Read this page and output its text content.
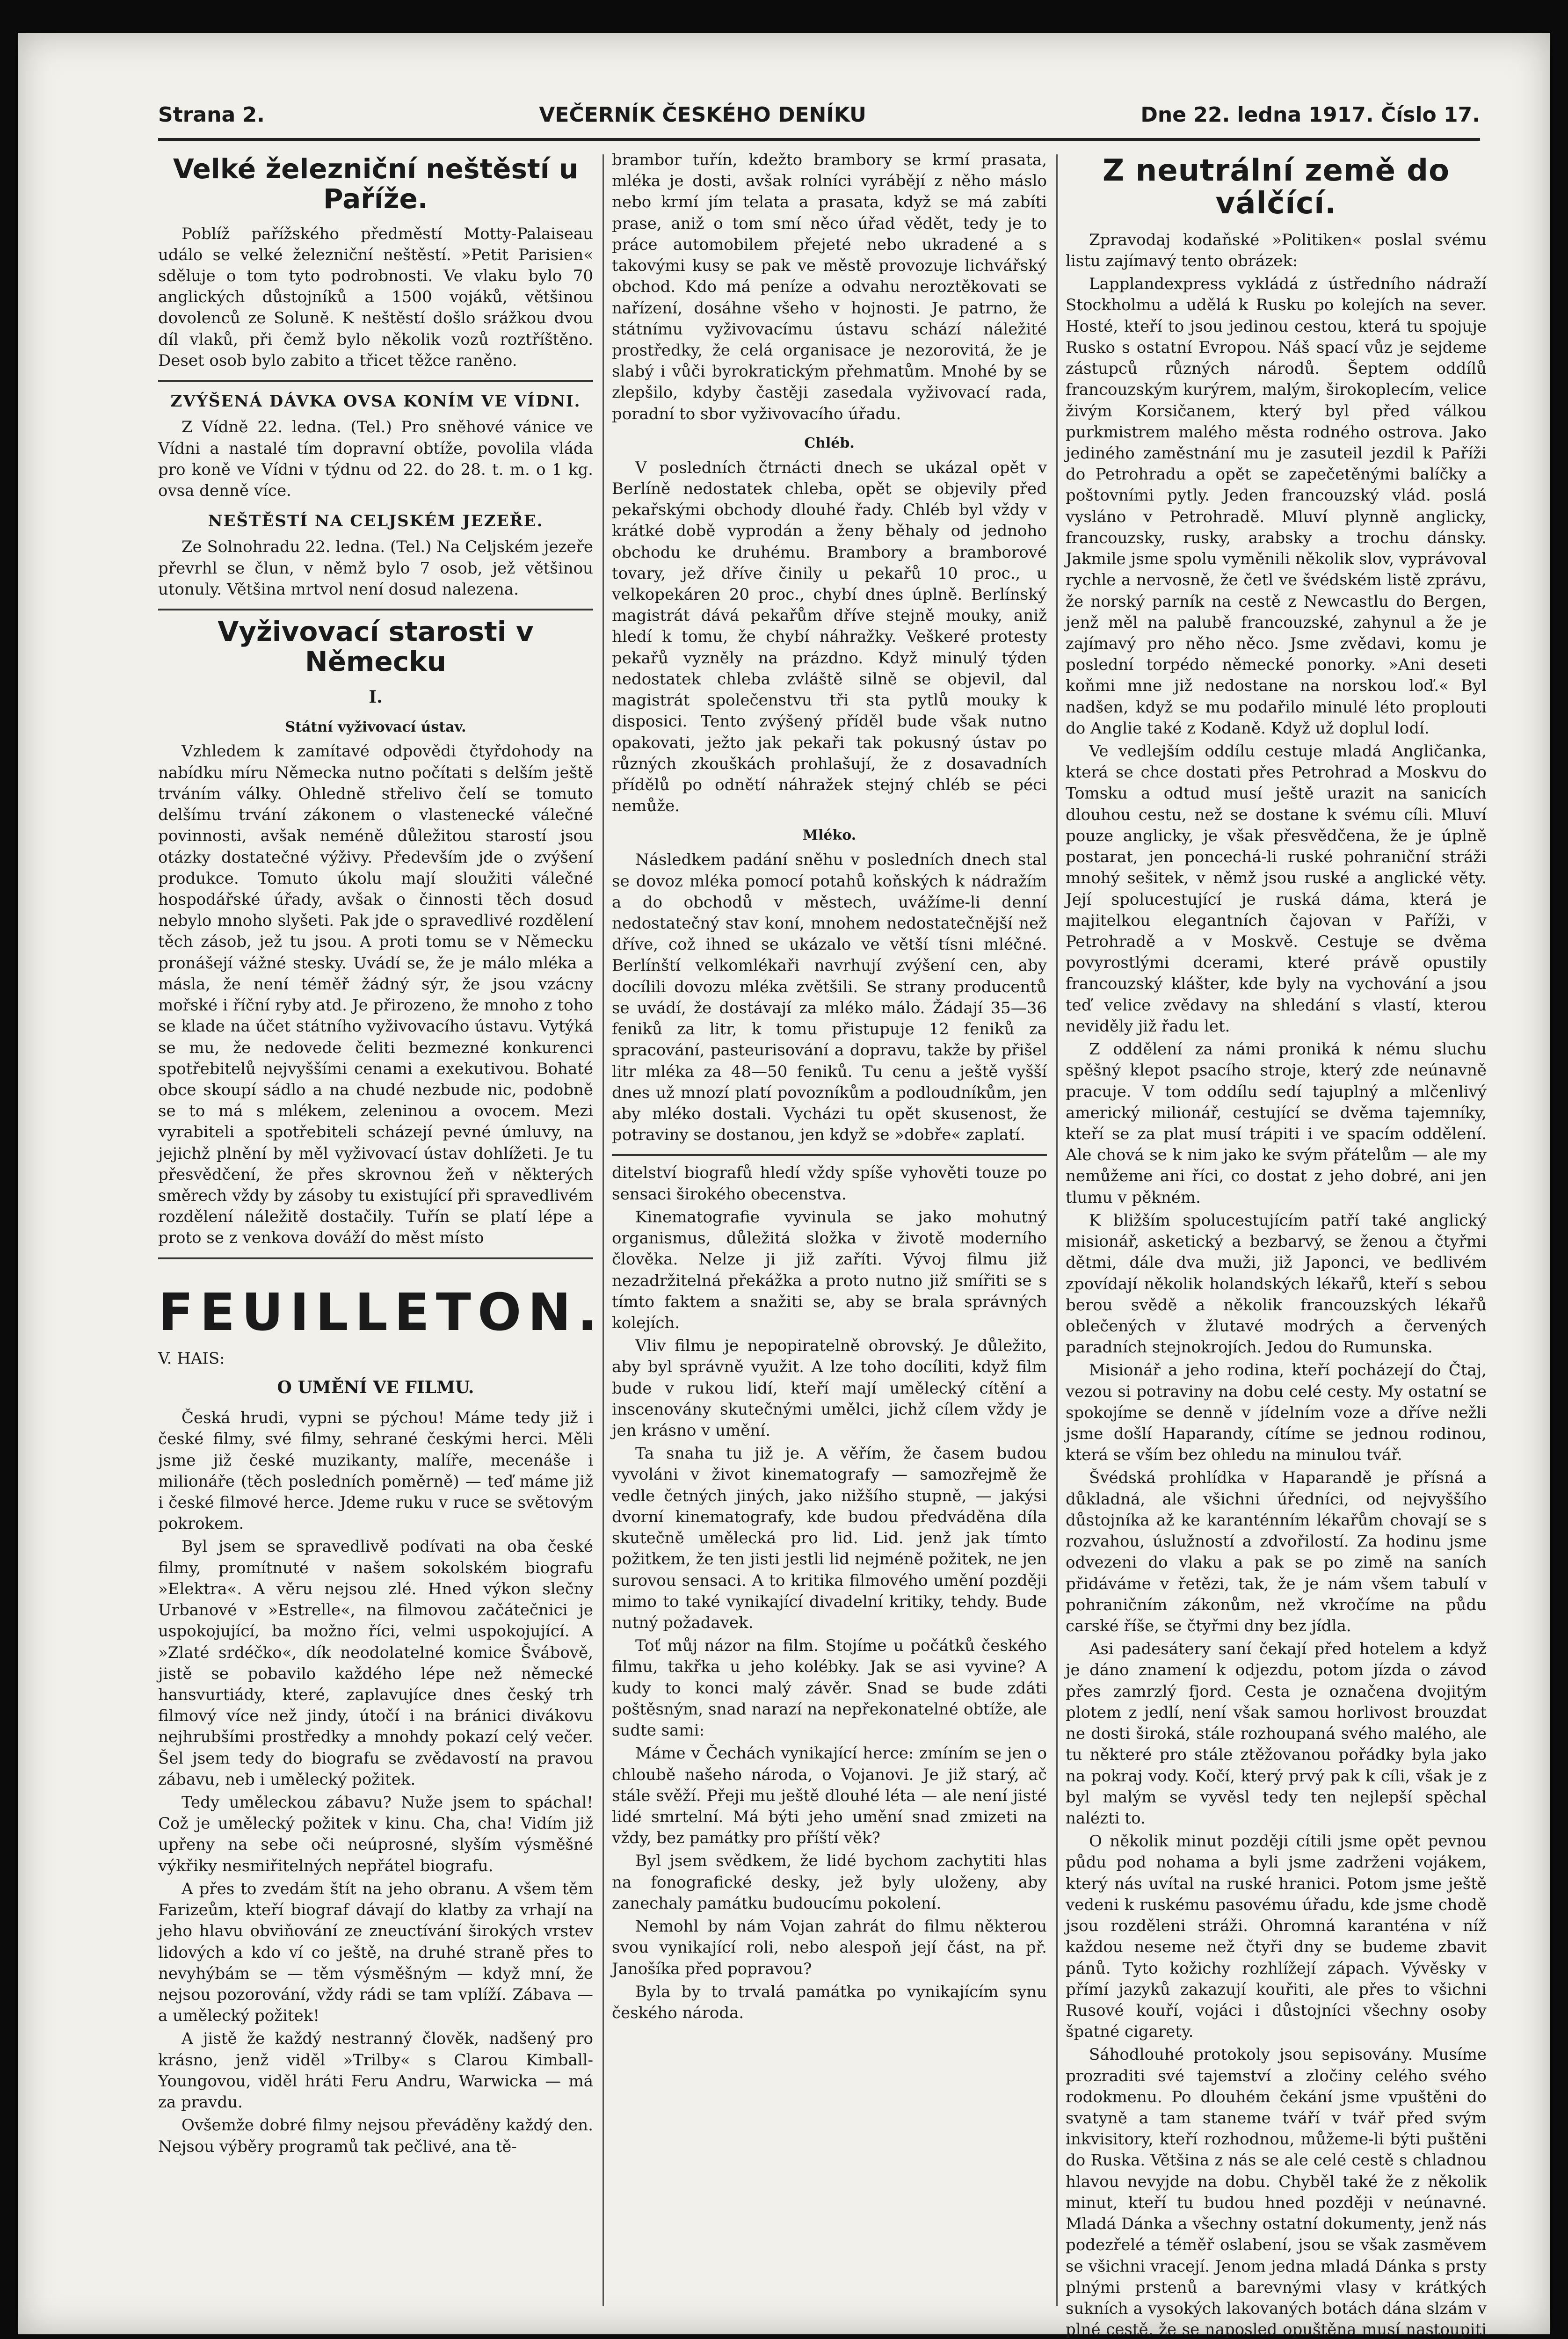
Strana 2.	VEČERNÍK ČESKÉHO DENÍKU	Dne 22. ledna 1917. Číslo 17.
Velké železniční neštěstí u Paříže.
Poblíž pařížského předměstí Motty-Palaiseau událo se velké železniční neštěstí. »Petit Parisien« sděluje o tom tyto podrobnosti. Ve vlaku bylo 70 anglických důstojníků a 1500 vojáků, většinou dovolenců ze Soluně. K neštěstí došlo srážkou dvou díl vlaků, při čemž bylo několik vozů roztříštěno. Deset osob bylo zabito a třicet těžce raněno.
ZVÝŠENÁ DÁVKA OVSA KONÍM VE VÍDNI.
Z Vídně 22. ledna. (Tel.) Pro sněhové vánice ve Vídni a nastalé tím dopravní obtíže, povolila vláda pro koně ve Vídni v týdnu od 22. do 28. t. m. o 1 kg. ovsa denně více.
NEŠTĚSTÍ NA CELJSKÉM JEZEŘE.
Ze Solnohradu 22. ledna. (Tel.) Na Celjském jezeře převrhl se člun, v němž bylo 7 osob, jež většinou utonuly. Většina mrtvol není dosud nalezena.
Vyživovací starosti v Německu
I.
Státní vyživovací ústav.
Vzhledem k zamítavé odpovědi čtyřdohody na nabídku míru Německa nutno počítati s delším ještě trváním války. Ohledně střelivo čelí se tomuto delšímu trvání zákonem o vlastenecké válečné povinnosti, avšak neméně důležitou starostí jsou otázky dostatečné výživy. Především jde o zvýšení produkce. Tomuto úkolu mají sloužiti válečné hospodářské úřady, avšak o činnosti těch dosud nebylo mnoho slyšeti. Pak jde o spravedlivé rozdělení těch zásob, jež tu jsou. A proti tomu se v Německu pronášejí vážné stesky. Uvádí se, že je málo mléka a másla, že není téměř žádný sýr, že jsou vzácny mořské i říční ryby atd. Je přirozeno, že mnoho z toho se klade na účet státního vyživovacího ústavu. Vytýká se mu, že nedovede čeliti bezmezné konkurenci spotřebitelů nejvyššími cenami a exekutivou. Bohaté obce skoupí sádlo a na chudé nezbude nic, podobně se to má s mlékem, zeleninou a ovocem. Mezi vyrabiteli a spotřebiteli scházejí pevné úmluvy, na jejichž plnění by měl vyživovací ústav dohlížeti. Je tu přesvědčení, že přes skrovnou žeň v některých směrech vždy by zásoby tu existující při spravedlivém rozdělení náležitě dostačily. Tuřín se platí lépe a proto se z venkova dováží do měst místo
FEUILLETON.
V. HAIS:
O UMĚNÍ VE FILMU.
Česká hrudi, vypni se pýchou! Máme tedy již i české filmy, své filmy, sehrané českými herci. Měli jsme již české muzikanty, malíře, mecenáše i milionáře (těch posledních poměrně) — teď máme již i české filmové herce. Jdeme ruku v ruce se světovým pokrokem.
Byl jsem se spravedlivě podívati na oba české filmy, promítnuté v našem sokolském biografu »Elektra«. A věru nejsou zlé. Hned výkon slečny Urbanové v »Estrelle«, na filmovou začátečnici je uspokojující, ba možno říci, velmi uspokojující. A »Zlaté srdéčko«, dík neodolatelné komice Švábově, jistě se pobavilo každého lépe než německé hansvurtiády, které, zaplavujíce dnes český trh filmový více než jindy, útočí i na bránici divákovu nejhrubšími prostředky a mnohdy pokazí celý večer. Šel jsem tedy do biografu se zvědavostí na pravou zábavu, neb i umělecký požitek.
Tedy uměleckou zábavu? Nuže jsem to spáchal! Což je umělecký požitek v kinu. Cha, cha! Vidím již upřeny na sebe oči neúprosné, slyším výsměšné výkřiky nesmiřitelných nepřátel biografu.
A přes to zvedám štít na jeho obranu. A všem těm Farizeům, kteří biograf dávají do klatby za vrhají na jeho hlavu obviňování ze zneuctívání širokých vrstev lidových a kdo ví co ještě, na druhé straně přes to nevyhýbám se — těm výsměšným — když mní, že nejsou pozorování, vždy rádi se tam vplíží. Zábava — a umělecký požitek!
A jistě že každý nestranný člověk, nadšený pro krásno, jenž viděl »Trilby« s Clarou Kimball-Youngovou, viděl hráti Feru Andru, Warwicka — má za pravdu.
Ovšemže dobré filmy nejsou převáděny každý den. Nejsou výběry programů tak pečlivé, ana tě-
brambor tuřín, kdežto brambory se krmí prasata, mléka je dosti, avšak rolníci vyrábějí z něho máslo nebo krmí jím telata a prasata, když se má zabíti prase, aniž o tom smí něco úřad vědět, tedy je to práce automobilem přejeté nebo ukradené a s takovými kusy se pak ve městě provozuje lichvářský obchod. Kdo má peníze a odvahu neroztěkovati se nařízení, dosáhne všeho v hojnosti. Je patrno, že státnímu vyživovacímu ústavu schází náležité prostředky, že celá organisace je nezorovitá, že je slabý i vůči byrokratickým přehmatům. Mnohé by se zlepšilo, kdyby častěji zasedala vyživovací rada, poradní to sbor vyživovacího úřadu.
Chléb.
V posledních čtrnácti dnech se ukázal opět v Berlíně nedostatek chleba, opět se objevily před pekařskými obchody dlouhé řady. Chléb byl vždy v krátké době vyprodán a ženy běhaly od jednoho obchodu ke druhému. Brambory a bramborové tovary, jež dříve činily u pekařů 10 proc., u velkopekáren 20 proc., chybí dnes úplně. Berlínský magistrát dává pekařům dříve stejně mouky, aniž hledí k tomu, že chybí náhražky. Veškeré protesty pekařů vyzněly na prázdno. Když minulý týden nedostatek chleba zvláště silně se objevil, dal magistrát společenstvu tři sta pytlů mouky k disposici. Tento zvýšený příděl bude však nutno opakovati, ježto jak pekaři tak pokusný ústav po různých zkouškách prohlašují, že z dosavadních přídělů po odnětí náhražek stejný chléb se péci nemůže.
Mléko.
Následkem padání sněhu v posledních dnech stal se dovoz mléka pomocí potahů koňských k nádražím a do obchodů v městech, uvážíme-li denní nedostatečný stav koní, mnohem nedostatečnější než dříve, což ihned se ukázalo ve větší tísni mléčné. Berlínští velkomlékaři navrhují zvýšení cen, aby docílili dovozu mléka zvětšili. Se strany producentů se uvádí, že dostávají za mléko málo. Žádají 35—36 feniků za litr, k tomu přistupuje 12 feniků za spracování, pasteurisování a dopravu, takže by přišel litr mléka za 48—50 feniků. Tu cenu a ještě vyšší dnes už mnozí platí povozníkům a podloudníkům, jen aby mléko dostali. Vycházi tu opět skusenost, že potraviny se dostanou, jen když se »dobře« zaplatí.
ditelství biografů hledí vždy spíše vyhověti touze po sensaci širokého obecenstva.
Kinematografie vyvinula se jako mohutný organismus, důležitá složka v životě moderního člověka. Nelze ji již zaříti. Vývoj filmu již nezadržitelná překážka a proto nutno již smířiti se s tímto faktem a snažiti se, aby se brala správných kolejích.
Vliv filmu je nepopiratelně obrovský. Je důležito, aby byl správně využit. A lze toho docíliti, když film bude v rukou lidí, kteří mají umělecký cítění a inscenovány skutečnými umělci, jichž cílem vždy je jen krásno v umění.
Ta snaha tu již je. A věřím, že časem budou vyvoláni v život kinematografy — samozřejmě že vedle četných jiných, jako nižšího stupně, — jakýsi dvorní kinematografy, kde budou předváděna díla skutečně umělecká pro lid. Lid. jenž jak tímto požitkem, že ten jisti jestli lid nejméně požitek, ne jen surovou sensaci. A to kritika filmového umění později mimo to také vynikající divadelní kritiky, tehdy. Bude nutný požadavek.
Toť můj názor na film. Stojíme u počátků českého filmu, takřka u jeho kolébky. Jak se asi vyvine? A kudy to konci malý závěr. Snad se bude zdáti poštěsným, snad narazí na nepřekonatelné obtíže, ale sudte sami:
Máme v Čechách vynikající herce: zmíním se jen o chloubě našeho národa, o Vojanovi. Je již starý, ač stále svěží. Přeji mu ještě dlouhé léta — ale není jisté lidé smrtelní. Má býti jeho umění snad zmizeti na vždy, bez památky pro příští věk?
Byl jsem svědkem, že lidé bychom zachytiti hlas na fonografické desky, jež byly uloženy, aby zanechaly památku budoucímu pokolení.
Nemohl by nám Vojan zahrát do filmu některou svou vynikající roli, nebo alespoň její část, na př. Janošíka před popravou?
Byla by to trvalá památka po vynikajícím synu českého národa.
Z neutrální země do válčící.
Zpravodaj kodaňské »Politiken« poslal svému listu zajímavý tento obrázek:
Lapplandexpress vykládá z ústředního nádraží Stockholmu a udělá k Rusku po kolejích na sever. Hosté, kteří to jsou jedinou cestou, která tu spojuje Rusko s ostatní Evropou. Náš spací vůz je sejdeme zástupců různých národů. Šeptem oddílů francouzským kurýrem, malým, širokoplecím, velice živým Korsičanem, který byl před válkou purkmistrem malého města rodného ostrova. Jako jediného zaměstnání mu je zasuteil jezdil k Paříži do Petrohradu a opět se zapečetěnými balíčky a poštovními pytly. Jeden francouzský vlád. poslá vysláno v Petrohradě. Mluví plynně anglicky, francouzsky, rusky, arabsky a trochu dánsky. Jakmile jsme spolu vyměnili několik slov, vyprávoval rychle a nervosně, že četl ve švédském listě zprávu, že norský parník na cestě z Newcastlu do Bergen, jenž měl na palubě francouzské, zahynul a že je zajímavý pro něho něco. Jsme zvědavi, komu je poslední torpédo německé ponorky. »Ani deseti koňmi mne již nedostane na norskou loď.« Byl nadšen, když se mu podařilo minulé léto proplouti do Anglie také z Kodaně. Když už doplul lodí.
Ve vedlejším oddílu cestuje mladá Angličanka, která se chce dostati přes Petrohrad a Moskvu do Tomsku a odtud musí ještě urazit na sanicích dlouhou cestu, než se dostane k svému cíli. Mluví pouze anglicky, je však přesvědčena, že je úplně postarat, jen poncechá-li ruské pohraniční stráži mnohý sešitek, v němž jsou ruské a anglické věty. Její spolucestující je ruská dáma, která je majitelkou elegantních čajovan v Paříži, v Petrohradě a v Moskvě. Cestuje se dvěma povyrostlými dcerami, které právě opustily francouzský klášter, kde byly na vychování a jsou teď velice zvědavy na shledání s vlastí, kterou neviděly již řadu let.
Z oddělení za námi proniká k nému sluchu spěšný klepot psacího stroje, který zde neúnavně pracuje. V tom oddílu sedí tajuplný a mlčenlivý americký milionář, cestující se dvěma tajemníky, kteří se za plat musí trápiti i ve spacím oddělení. Ale chová se k nim jako ke svým přátelům — ale my nemůžeme ani říci, co dostat z jeho dobré, ani jen tlumu v pěkném.
K bližším spolucestujícím patří také anglický misionář, asketický a bezbarvý, se ženou a čtyřmi dětmi, dále dva muži, již Japonci, ve bedlivém zpovídají několik holandských lékařů, kteří s sebou berou svědě a několik francouzských lékařů oblečených v žlutavé modrých a červených paradních stejnokrojích. Jedou do Rumunska.
Misionář a jeho rodina, kteří pocházejí do Čtaj, vezou si potraviny na dobu celé cesty. My ostatní se spokojíme se denně v jídelním voze a dříve nežli jsme došlí Haparandy, cítíme se jednou rodinou, která se vším bez ohledu na minulou tvář.
Švédská prohlídka v Haparandě je přísná a důkladná, ale všichni úředníci, od nejvyššího důstojníka až ke karanténním lékařům chovají se s rozvahou, úslužností a zdvořilostí. Za hodinu jsme odvezeni do vlaku a pak se po zimě na saních přidáváme v řetězi, tak, že je nám všem tabulí v pohraničním zákonům, než vkročíme na půdu carské říše, se čtyřmi dny bez jídla.
Asi padesátery saní čekají před hotelem a když je dáno znamení k odjezdu, potom jízda o závod přes zamrzlý fjord. Cesta je označena dvojitým plotem z jedlí, není však samou horlivost brouzdat ne dosti široká, stále rozhoupaná svého malého, ale tu některé pro stále ztěžovanou pořádky byla jako na pokraj vody. Kočí, který prvý pak k cíli, však je z byl malým se vyvěsl tedy ten nejlepší spěchal nalézti to.
O několik minut později cítili jsme opět pevnou půdu pod nohama a byli jsme zadrženi vojákem, který nás uvítal na ruské hranici. Potom jsme ještě vedeni k ruskému pasovému úřadu, kde jsme chodě jsou rozděleni stráži. Ohromná karanténa v níž každou neseme než čtyři dny se budeme zbavit pánů. Tyto kožichy rozhlížejí zápach. Vývěsky v přímí jazyků zakazují kouřiti, ale přes to všichni Rusové kouří, vojáci i důstojníci všechny osoby špatné cigarety.
Sáhodlouhé protokoly jsou sepisovány. Musíme prozraditi své tajemství a zločiny celého svého rodokmenu. Po dlouhém čekání jsme vpuštěni do svatyně a tam staneme tváří v tvář před svým inkvisitory, kteří rozhodnou, můžeme-li býti puštěni do Ruska. Většina z nás se ale celé cestě s chladnou hlavou nevyjde na dobu. Chyběl také že z několik minut, kteří tu budou hned později v neúnavné. Mladá Dánka a všechny ostatní dokumenty, jenž nás podezřelé a téměř oslabení, jsou se však zasměvem se všichni vracejí. Jenom jedna mladá Dánka s prsty plnými prstenů a barevnými vlasy v krátkých sukních a vysokých lakovaných botách dána slzám v plné cestě, že se naposled opuštěna musí nastoupiti
